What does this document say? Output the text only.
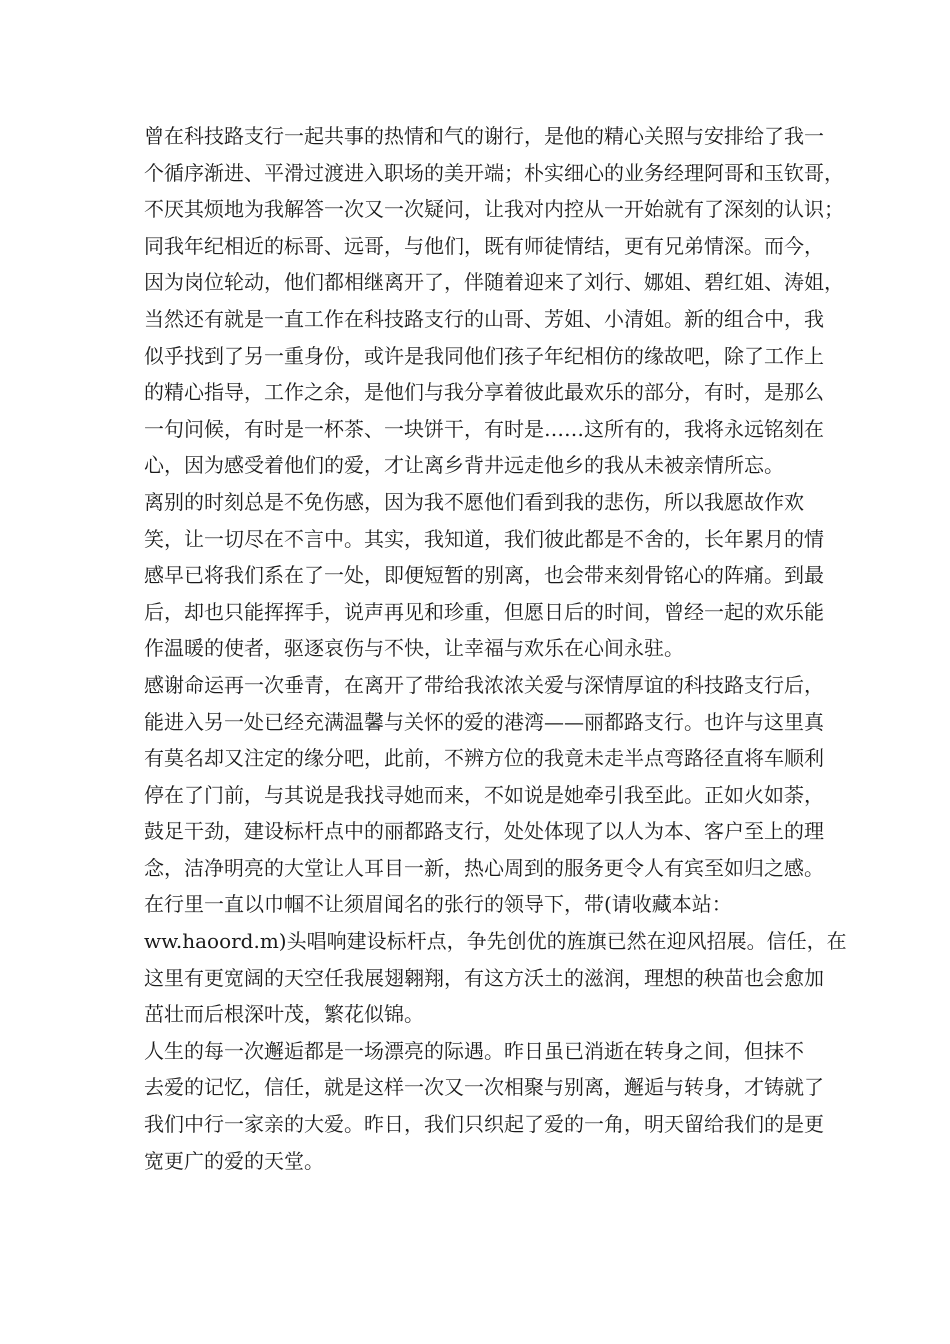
曾在科技路支行一起共事的热情和气的谢行，是他的精心关照与安排给了我一
个循序渐进、平滑过渡进入职场的美开端；朴实细心的业务经理阿哥和玉钦哥，
不厌其烦地为我解答一次又一次疑问，让我对内控从一开始就有了深刻的认识；
同我年纪相近的标哥、远哥，与他们，既有师徒情结，更有兄弟情深。而今，
因为岗位轮动，他们都相继离开了，伴随着迎来了刘行、娜姐、碧红姐、涛姐，
当然还有就是一直工作在科技路支行的山哥、芳姐、小清姐。新的组合中，我
似乎找到了另一重身份，或许是我同他们孩子年纪相仿的缘故吧，除了工作上
的精心指导，工作之余，是他们与我分享着彼此最欢乐的部分，有时，是那么
一句问候，有时是一杯茶、一块饼干，有时是……这所有的，我将永远铭刻在
心，因为感受着他们的爱，才让离乡背井远走他乡的我从未被亲情所忘。
离别的时刻总是不免伤感，因为我不愿他们看到我的悲伤，所以我愿故作欢
笑，让一切尽在不言中。其实，我知道，我们彼此都是不舍的，长年累月的情
感早已将我们系在了一处，即便短暂的别离，也会带来刻骨铭心的阵痛。到最
后，却也只能挥挥手，说声再见和珍重，但愿日后的时间，曾经一起的欢乐能
作温暖的使者，驱逐哀伤与不快，让幸福与欢乐在心间永驻。
感谢命运再一次垂青，在离开了带给我浓浓关爱与深情厚谊的科技路支行后，
能进入另一处已经充满温馨与关怀的爱的港湾——丽都路支行。也许与这里真
有莫名却又注定的缘分吧，此前，不辨方位的我竟未走半点弯路径直将车顺利
停在了门前，与其说是我找寻她而来，不如说是她牵引我至此。正如火如荼，
鼓足干劲，建设标杆点中的丽都路支行，处处体现了以人为本、客户至上的理
念，洁净明亮的大堂让人耳目一新，热心周到的服务更令人有宾至如归之感。
在行里一直以巾帼不让须眉闻名的张行的领导下，带(请收藏本站：
ww.haoord.m)头唱响建设标杆点，争先创优的旌旗已然在迎风招展。信任，在
这里有更宽阔的天空任我展翅翱翔，有这方沃土的滋润，理想的秧苗也会愈加
茁壮而后根深叶茂，繁花似锦。
人生的每一次邂逅都是一场漂亮的际遇。昨日虽已消逝在转身之间，但抹不
去爱的记忆，信任，就是这样一次又一次相聚与别离，邂逅与转身，才铸就了
我们中行一家亲的大爱。昨日，我们只织起了爱的一角，明天留给我们的是更
宽更广的爱的天堂。
